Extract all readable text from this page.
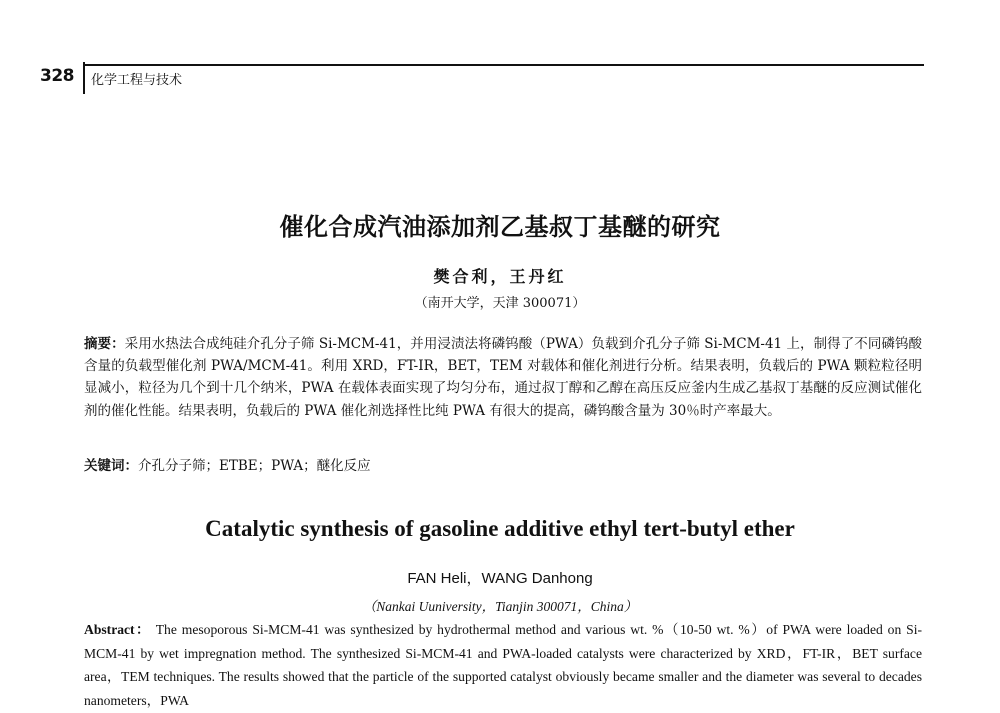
328 化学工程与技术
催化合成汽油添加剂乙基叔丁基醚的研究
樊合利，王丹红
（南开大学，天津 300071）

摘要：采用水热法合成纯硅介孔分子筛 Si-MCM-41，并用浸渍法将磷钨酸（PWA）负载到介孔分子筛 Si-MCM-41 上，制得了不同磷钨酸含量的负载型催化剂 PWA/MCM-41。利用 XRD，FT-IR，BET，TEM 对载体和催化剂进行分析。结果表明，负载后的 PWA 颗粒粒径明显减小，粒径为几个到十几个纳米，PWA 在载体表面实现了均匀分布，通过叔丁醇和乙醇在高压反应釜内生成乙基叔丁基醚的反应测试催化剂的催化性能。结果表明，负载后的 PWA 催化剂选择性比纯 PWA 有很大的提高，磷钨酸含量为 30％时产率最大。

关键词：介孔分子筛；ETBE；PWA；醚化反应
Catalytic synthesis of gasoline additive ethyl tert-butyl ether
FAN Heli，WANG Danhong
（Nankai Uuniversity，Tianjin 300071，China）

Abstract： The mesoporous Si-MCM-41 was synthesized by hydrothermal method and various wt. %（10-50 wt. %）of PWA were loaded on Si-MCM-41 by wet impregnation method. The synthesized Si-MCM-41 and PWA-loaded catalysts were characterized by XRD，FT-IR，BET surface area，TEM techniques. The results showed that the particle of the supported catalyst obviously became smaller and the diameter was several to decades nanometers，PWA
